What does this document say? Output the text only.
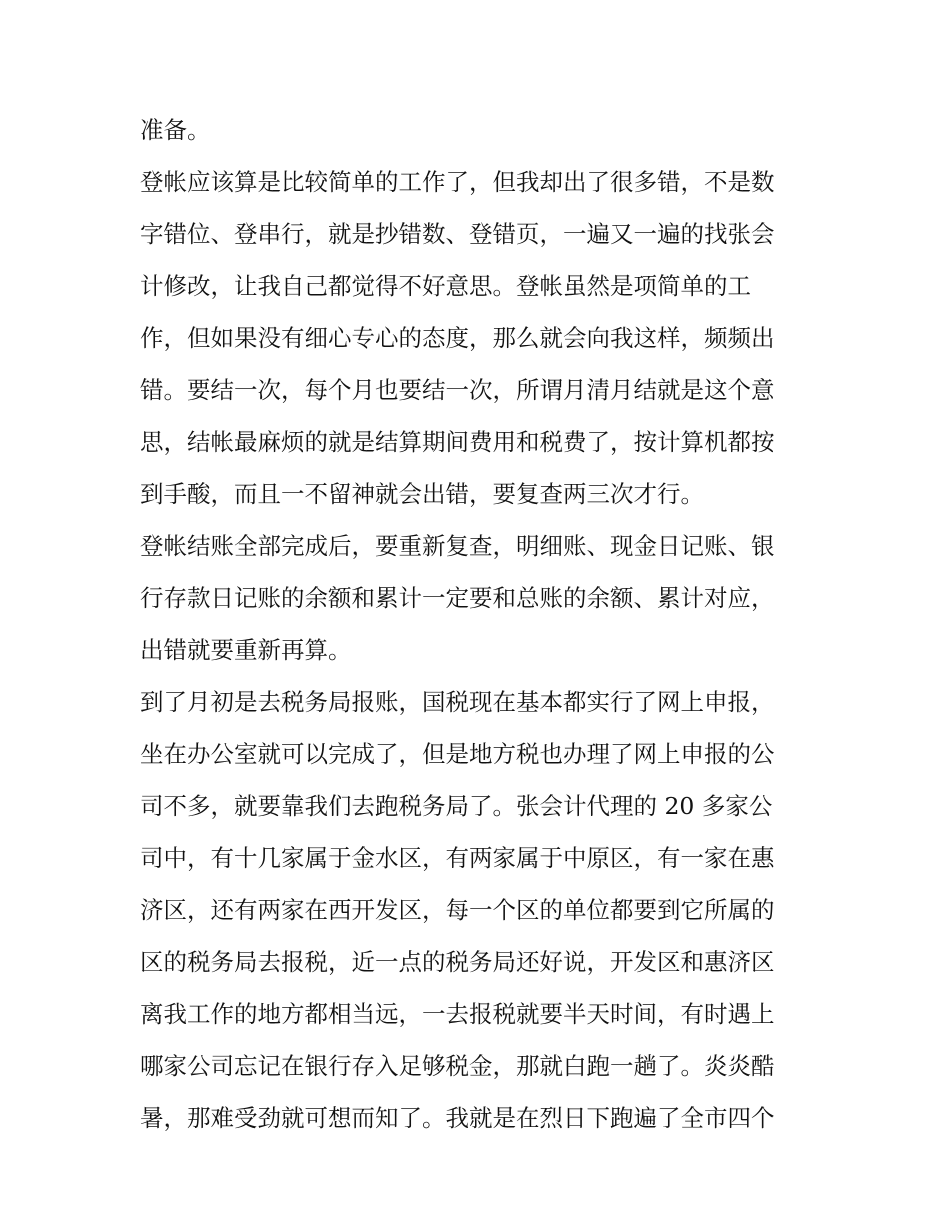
准备。
登帐应该算是比较简单的工作了，但我却出了很多错，不是数
字错位、登串行，就是抄错数、登错页，一遍又一遍的找张会
计修改，让我自己都觉得不好意思。登帐虽然是项简单的工
作，但如果没有细心专心的态度，那么就会向我这样，频频出
错。要结一次，每个月也要结一次，所谓月清月结就是这个意
思，结帐最麻烦的就是结算期间费用和税费了，按计算机都按
到手酸，而且一不留神就会出错，要复查两三次才行。
登帐结账全部完成后，要重新复查，明细账、现金日记账、银
行存款日记账的余额和累计一定要和总账的余额、累计对应，
出错就要重新再算。
到了月初是去税务局报账，国税现在基本都实行了网上申报，
坐在办公室就可以完成了，但是地方税也办理了网上申报的公
司不多，就要靠我们去跑税务局了。张会计代理的 20 多家公
司中，有十几家属于金水区，有两家属于中原区，有一家在惠
济区，还有两家在西开发区，每一个区的单位都要到它所属的
区的税务局去报税，近一点的税务局还好说，开发区和惠济区
离我工作的地方都相当远，一去报税就要半天时间，有时遇上
哪家公司忘记在银行存入足够税金，那就白跑一趟了。炎炎酷
暑，那难受劲就可想而知了。我就是在烈日下跑遍了全市四个
